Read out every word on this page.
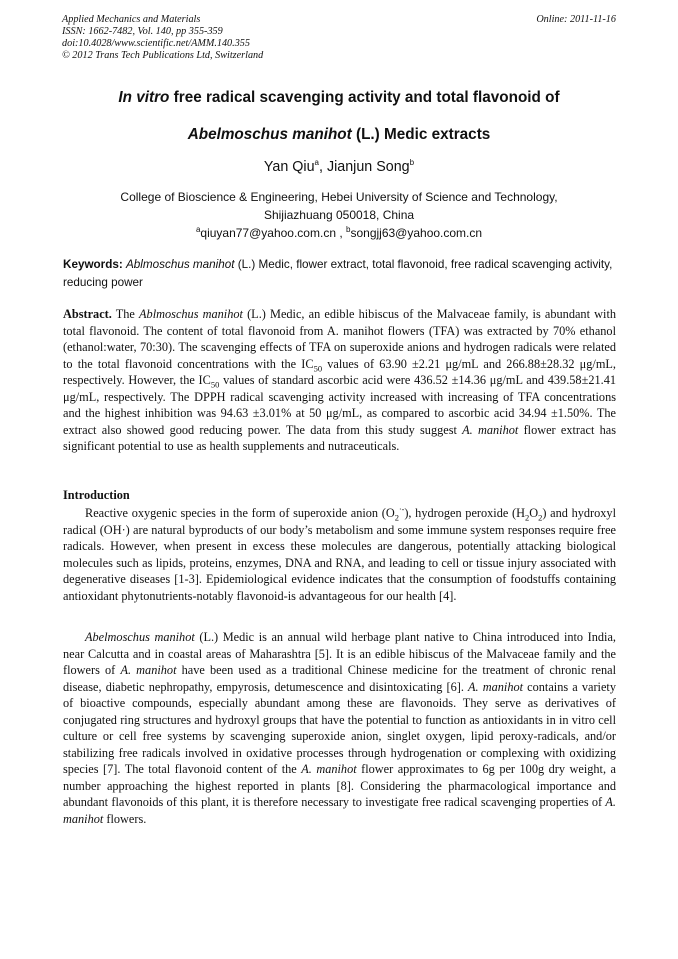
Applied Mechanics and Materials
ISSN: 1662-7482, Vol. 140, pp 355-359
doi:10.4028/www.scientific.net/AMM.140.355
© 2012 Trans Tech Publications Ltd, Switzerland
Online: 2011-11-16
In vitro free radical scavenging activity and total flavonoid of
Abelmoschus manihot (L.) Medic extracts
Yan Qiu$^a$, Jianjun Song$^b$
College of Bioscience & Engineering, Hebei University of Science and Technology,
Shijiazhuang 050018, China
$^a$qiuyan77@yahoo.com.cn , $^b$songjj63@yahoo.com.cn
Keywords: Ablmoschus manihot (L.) Medic, flower extract, total flavonoid, free radical scavenging activity, reducing power
Abstract. The Ablmoschus manihot (L.) Medic, an edible hibiscus of the Malvaceae family, is abundant with total flavonoid. The content of total flavonoid from A. manihot flowers (TFA) was extracted by 70% ethanol (ethanol:water, 70:30). The scavenging effects of TFA on superoxide anions and hydrogen radicals were related to the total flavonoid concentrations with the $IC_{50}$ values of 63.90 ±2.21 μg/mL and 266.88±28.32 μg/mL, respectively. However, the $IC_{50}$ values of standard ascorbic acid were 436.52 ±14.36 μg/mL and 439.58±21.41 μg/mL, respectively. The DPPH radical scavenging activity increased with increasing of TFA concentrations and the highest inhibition was 94.63 ±3.01% at 50 μg/mL, as compared to ascorbic acid 34.94 ±1.50%. The extract also showed good reducing power. The data from this study suggest A. manihot flower extract has significant potential to use as health supplements and nutraceuticals.
Introduction
Reactive oxygenic species in the form of superoxide anion $(O_2^{\cdot-})$, hydrogen peroxide $(H_2O_2)$ and hydroxyl radical (OH·) are natural byproducts of our body’s metabolism and some immune system responses require free radicals. However, when present in excess these molecules are dangerous, potentially attacking biological molecules such as lipids, proteins, enzymes, DNA and RNA, and leading to cell or tissue injury associated with degenerative diseases [1-3]. Epidemiological evidence indicates that the consumption of foodstuffs containing antioxidant phytonutrients-notably flavonoid-is advantageous for our health [4].
Abelmoschus manihot (L.) Medic is an annual wild herbage plant native to China introduced into India, near Calcutta and in coastal areas of Maharashtra [5]. It is an edible hibiscus of the Malvaceae family and the flowers of A. manihot have been used as a traditional Chinese medicine for the treatment of chronic renal disease, diabetic nephropathy, empyrosis, detumescence and disintoxicating [6]. A. manihot contains a variety of bioactive compounds, especially abundant among these are flavonoids. They serve as derivatives of conjugated ring structures and hydroxyl groups that have the potential to function as antioxidants in in vitro cell culture or cell free systems by scavenging superoxide anion, singlet oxygen, lipid peroxy-radicals, and/or stabilizing free radicals involved in oxidative processes through hydrogenation or complexing with oxidizing species [7]. The total flavonoid content of the A. manihot flower approximates to 6g per 100g dry weight, a number approaching the highest reported in plants [8]. Considering the pharmacological importance and abundant flavonoids of this plant, it is therefore necessary to investigate free radical scavenging properties of A. manihot flowers.
